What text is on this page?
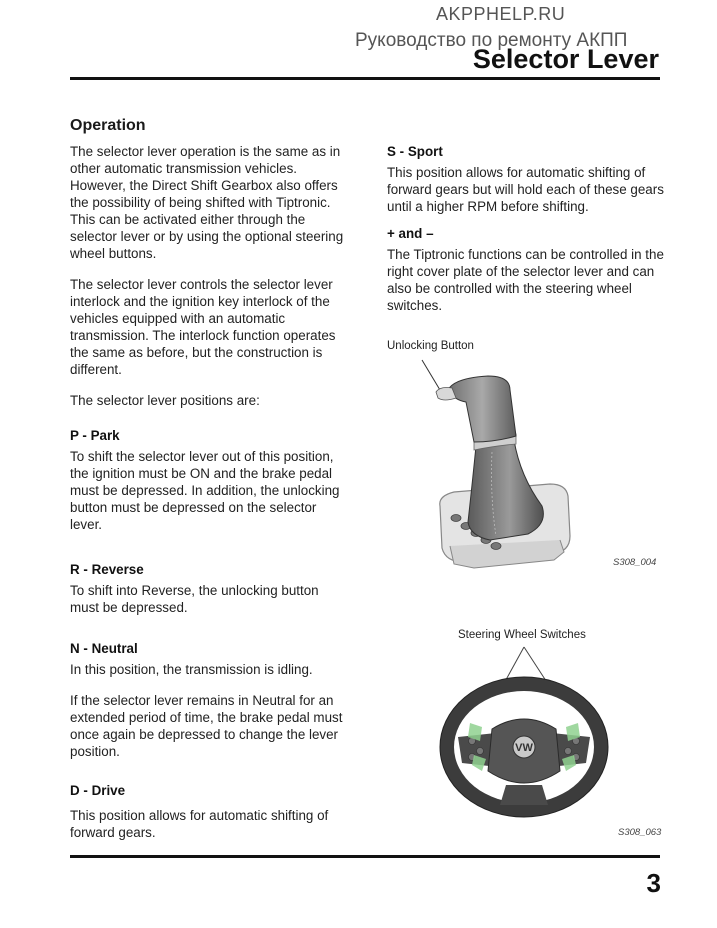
AKPPHELP.RU
Руководство по ремонту АКПП
Selector Lever
Operation

The selector lever operation is the same as in other automatic transmission vehicles. However, the Direct Shift Gearbox also offers the possibility of being shifted with Tiptronic. This can be activated either through the selector lever or by using the optional steering wheel buttons.

The selector lever controls the selector lever interlock and the ignition key interlock of the vehicles equipped with an automatic transmission. The interlock function operates the same as before, but the construction is different.

The selector lever positions are:

P - Park

To shift the selector lever out of this position, the ignition must be ON and the brake pedal must be depressed. In addition, the unlocking button must be depressed on the selector lever.

R - Reverse

To shift into Reverse, the unlocking button must be depressed.

N - Neutral

In this position, the transmission is idling.

If the selector lever remains in Neutral for an extended period of time, the brake pedal must once again be depressed to change the lever position.

D - Drive

This position allows for automatic shifting of forward gears.

S - Sport

This position allows for automatic shifting of forward gears but will hold each of these gears until a higher RPM before shifting.

+ and –

The Tiptronic functions can be controlled in the right cover plate of the selector lever and can also be controlled with the steering wheel switches.

Unlocking Button
S308_004
Steering Wheel Switches
VW
S308_063
3
